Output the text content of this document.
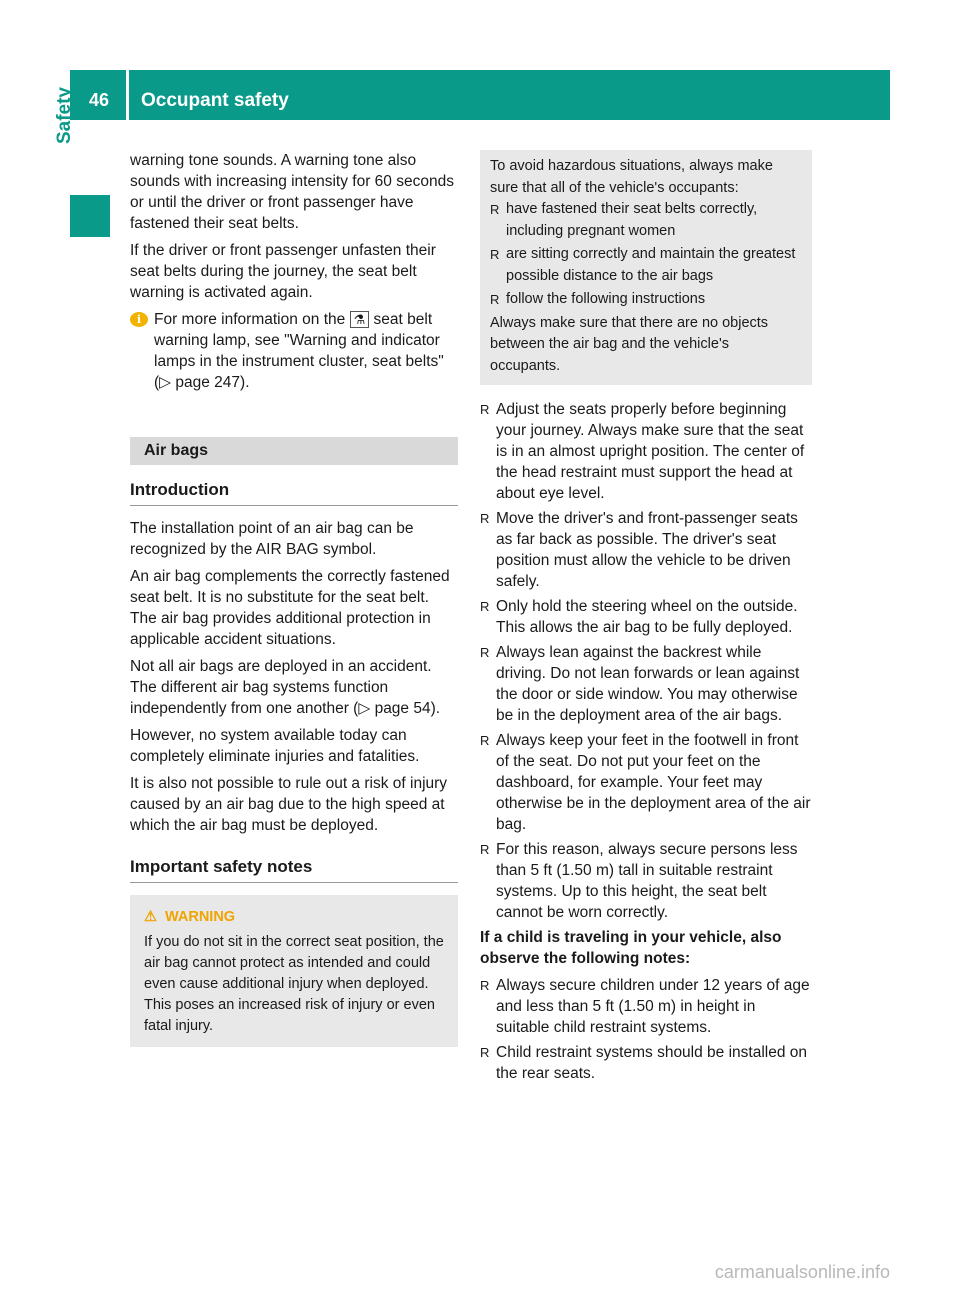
46	Occupant safety
Safety

warning tone sounds. A warning tone also sounds with increasing intensity for 60 seconds or until the driver or front passenger have fastened their seat belts.

If the driver or front passenger unfasten their seat belts during the journey, the seat belt warning is activated again.

i For more information on the ⚗ seat belt warning lamp, see "Warning and indicator lamps in the instrument cluster, seat belts" (▷ page 247).
Air bags
Introduction

The installation point of an air bag can be recognized by the AIR BAG symbol.

An air bag complements the correctly fastened seat belt. It is no substitute for the seat belt. The air bag provides additional protection in applicable accident situations.

Not all air bags are deployed in an accident. The different air bag systems function independently from one another (▷ page 54).

However, no system available today can completely eliminate injuries and fatalities.

It is also not possible to rule out a risk of injury caused by an air bag due to the high speed at which the air bag must be deployed.

Important safety notes
⚠ WARNING
If you do not sit in the correct seat position, the air bag cannot protect as intended and could even cause additional injury when deployed. This poses an increased risk of injury or even fatal injury.

To avoid hazardous situations, always make sure that all of the vehicle's occupants:

R have fastened their seat belts correctly, including pregnant women
R are sitting correctly and maintain the greatest possible distance to the air bags
R follow the following instructions

Always make sure that there are no objects between the air bag and the vehicle's occupants.

R Adjust the seats properly before beginning your journey. Always make sure that the seat is in an almost upright position. The center of the head restraint must support the head at about eye level.
R Move the driver's and front-passenger seats as far back as possible. The driver's seat position must allow the vehicle to be driven safely.
R Only hold the steering wheel on the outside. This allows the air bag to be fully deployed.
R Always lean against the backrest while driving. Do not lean forwards or lean against the door or side window. You may otherwise be in the deployment area of the air bags.
R Always keep your feet in the footwell in front of the seat. Do not put your feet on the dashboard, for example. Your feet may otherwise be in the deployment area of the air bag.
R For this reason, always secure persons less than 5 ft (1.50 m) tall in suitable restraint systems. Up to this height, the seat belt cannot be worn correctly.

If a child is traveling in your vehicle, also observe the following notes:

R Always secure children under 12 years of age and less than 5 ft (1.50 m) in height in suitable child restraint systems.
R Child restraint systems should be installed on the rear seats.
carmanualsonline.info
